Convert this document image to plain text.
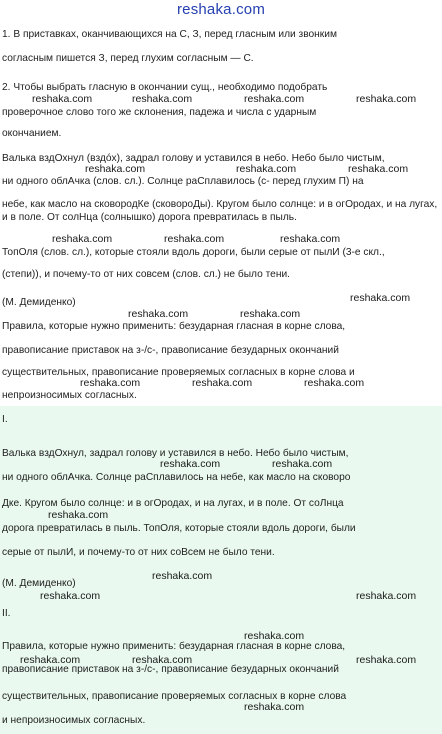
reshaka.com

1. В приставках, оканчивающихся на С, З, перед гласным или звонким

согласным пишется З, перед глухим согласным — С.

2. Чтобы выбрать гласную в окончании сущ., необходимо подобрать

проверочное слово того же склонения, падежа и числа с ударным

окончанием.

Валька вздОхнул (вздóх), задрал голову и уставился в небо. Небо было чистым,

ни одного облАчка (слов. сл.). Солнце раСплавилось (с- перед глухим П) на

небе, как масло на сковородКе (сковороДы). Кругом было солнце: и в огОродах, и на лугах, и в поле. От солНца (солнышко) дорога превратилась в пыль.

ТопОля (слов. сл.), которые стояли вдоль дороги, были серые от пылИ (3-е скл.,

(степи)), и почему-то от них совсем (слов. сл.) не было тени.

(М. Демиденко)

Правила, которые нужно применить: безударная гласная в корне слова,

правописание приставок на з-/с-, правописание безударных окончаний

существительных, правописание проверяемых согласных в корне слова и

непроизносимых согласных.

I.

Валька вздОхнул, задрал голову и уставился в небо. Небо было чистым,

ни одного облАчка. Солнце раСплавилось на небе, как масло на сковоро

Дке. Кругом было солнце: и в огОродах, и на лугах, и в поле. От соЛнца

дорога превратилась в пыль. ТопОля, которые стояли вдоль дороги, были

серые от пылИ, и почему-то от них соВсем не было тени.

(М. Демиденко)

II.

Правила, которые нужно применить: безударная гласная в корне слова,

правописание приставок на з-/с-, правописание безударных окончаний

существительных, правописание проверяемых согласных в корне слова

и непроизносимых согласных.

reshaka.com	reshaka.com	reshaka.com	reshaka.com
reshaka.com	reshaka.com	reshaka.com
reshaka.com	reshaka.com	reshaka.com
reshaka.com
reshaka.com	reshaka.com
reshaka.com	reshaka.com	reshaka.com
reshaka.com	reshaka.com
reshaka.com
reshaka.com
reshaka.com	reshaka.com
reshaka.com
reshaka.com	reshaka.com	reshaka.com
reshaka.com
